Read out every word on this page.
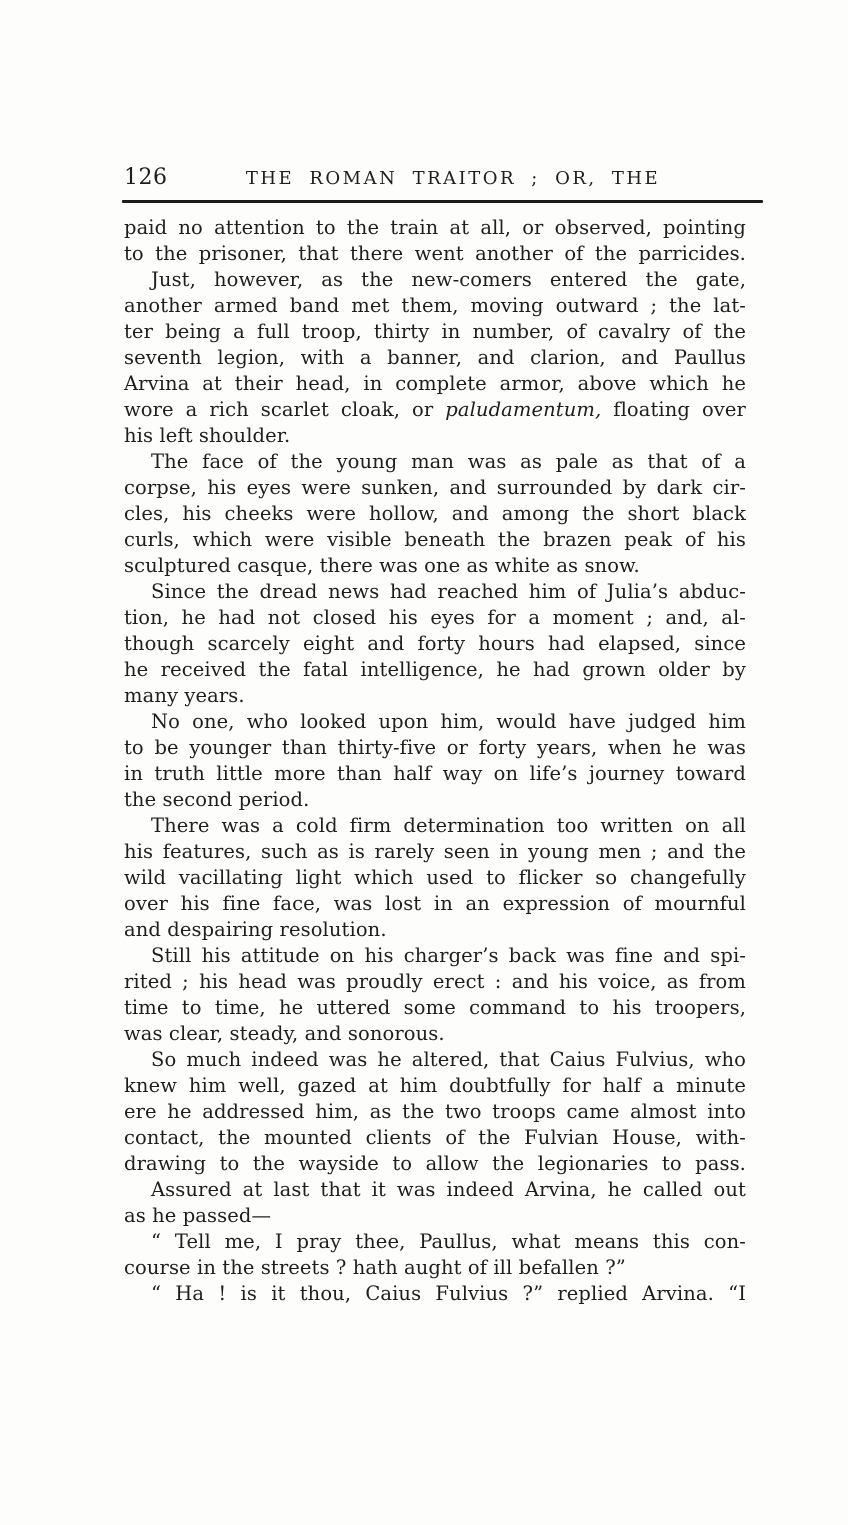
126	THE ROMAN TRAITOR ; OR, THE
paid no attention to the train at all, or observed, pointing
to the prisoner, that there went another of the parricides.
Just, however, as the new-comers entered the gate,
another armed band met them, moving outward ; the lat-
ter being a full troop, thirty in number, of cavalry of the
seventh legion, with a banner, and clarion, and Paullus
Arvina at their head, in complete armor, above which he
wore a rich scarlet cloak, or paludamentum, floating over
his left shoulder.
The face of the young man was as pale as that of a
corpse, his eyes were sunken, and surrounded by dark cir-
cles, his cheeks were hollow, and among the short black
curls, which were visible beneath the brazen peak of his
sculptured casque, there was one as white as snow.
Since the dread news had reached him of Julia’s abduc-
tion, he had not closed his eyes for a moment ; and, al-
though scarcely eight and forty hours had elapsed, since
he received the fatal intelligence, he had grown older by
many years.
No one, who looked upon him, would have judged him
to be younger than thirty-five or forty years, when he was
in truth little more than half way on life’s journey toward
the second period.
There was a cold firm determination too written on all
his features, such as is rarely seen in young men ; and the
wild vacillating light which used to flicker so changefully
over his fine face, was lost in an expression of mournful
and despairing resolution.
Still his attitude on his charger’s back was fine and spi-
rited ; his head was proudly erect : and his voice, as from
time to time, he uttered some command to his troopers,
was clear, steady, and sonorous.
So much indeed was he altered, that Caius Fulvius, who
knew him well, gazed at him doubtfully for half a minute
ere he addressed him, as the two troops came almost into
contact, the mounted clients of the Fulvian House, with-
drawing to the wayside to allow the legionaries to pass.
Assured at last that it was indeed Arvina, he called out
as he passed—
“ Tell me, I pray thee, Paullus, what means this con-
course in the streets ? hath aught of ill befallen ?”
“ Ha ! is it thou, Caius Fulvius ?” replied Arvina. “I
